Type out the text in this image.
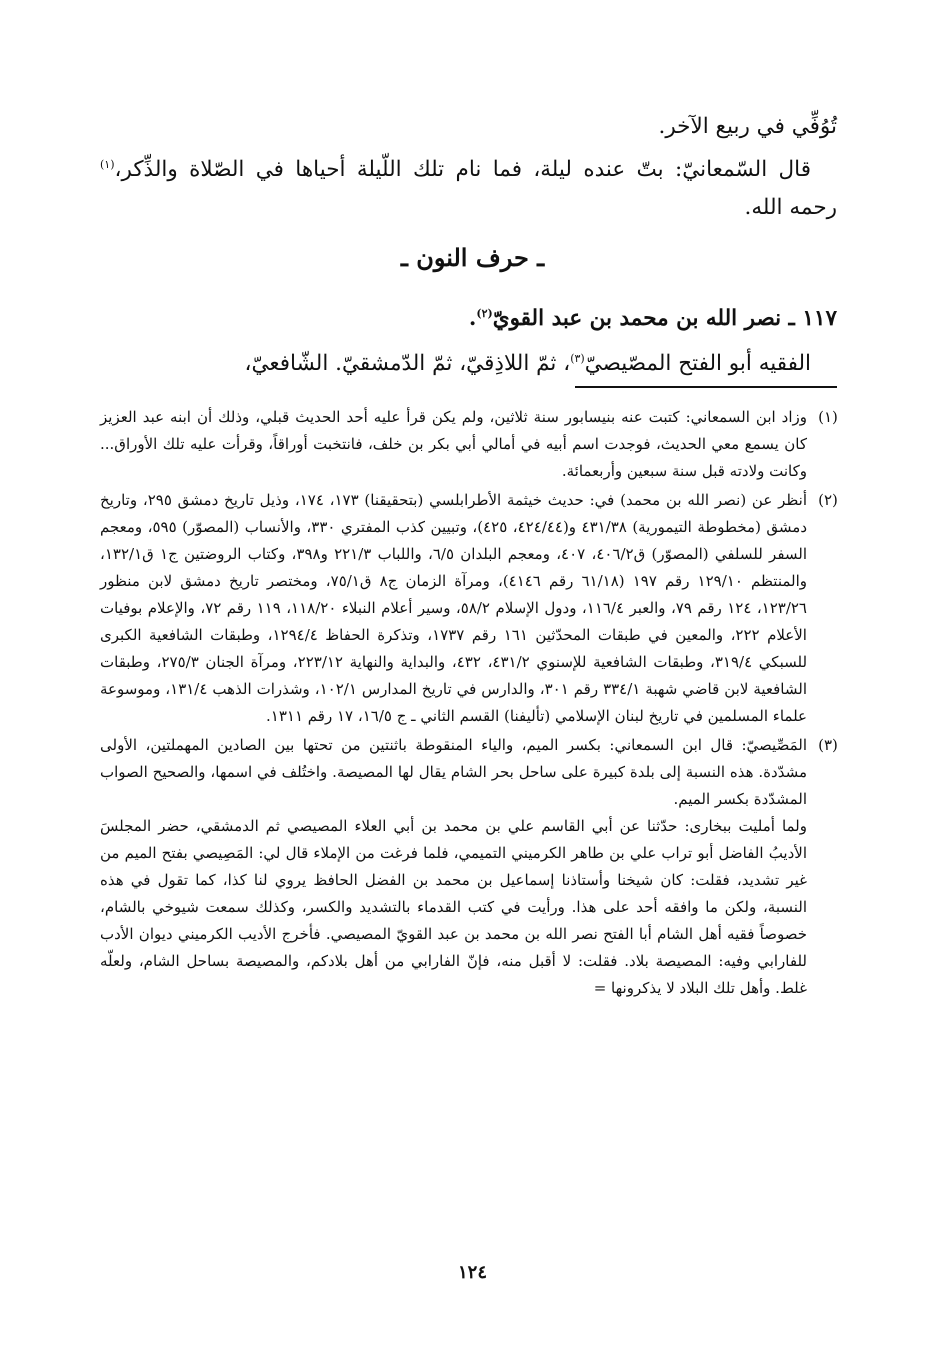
تُوُفِّي في ربيع الآخر.

قال السّمعانيّ: بتّ عنده ليلة، فما نام تلك اللّيلة أحياها في الصّلاة والذِّكر،$^{(١)}$ رحمه الله.

ـ حرف النون ـ

١١٧ ـ نصر الله بن محمد بن عبد القويّ$^{(٢)}$.

الفقيه أبو الفتح المصّيصيّ$^{(٣)}$، ثمّ اللاذِقيّ، ثمّ الدّمشقيّ. الشّافعيّ،

(١)
وزاد ابن السمعاني: كتبت عنه بنيسابور سنة ثلاثين، ولم يكن قرأ عليه أحد الحديث قبلي، وذلك أن ابنه عبد العزيز كان يسمع معي الحديث، فوجدت اسم أبيه في أمالي أبي بكر بن خلف، فانتخبت أوراقاً، وقرأت عليه تلك الأوراق... وكانت ولادته قبل سنة سبعين وأربعمائة.
(٢)
أنظر عن (نصر الله بن محمد) في: حديث خيثمة الأطرابلسي (بتحقيقنا) ١٧٣، ١٧٤، وذيل تاريخ دمشق ٢٩٥، وتاريخ دمشق (مخطوطة التيمورية) ٤٣١/٣٨ و(٤٢٤/٤٤، ٤٢٥)، وتبيين كذب المفتري ٣٣٠، والأنساب (المصوّر) ٥٩٥، ومعجم السفر للسلفي (المصوّر) ق٤٠٦/٢، ٤٠٧، ومعجم البلدان ٦/٥، واللباب ٢٢١/٣ و٣٩٨، وكتاب الروضتين ج١ ق١٣٢/١، والمنتظم ١٢٩/١٠ رقم ١٩٧ (٦١/١٨ رقم ٤١٤٦)، ومرآة الزمان ج٨ ق٧٥/١، ومختصر تاريخ دمشق لابن منظور ١٢٣/٢٦، ١٢٤ رقم ٧٩، والعبر ١١٦/٤، ودول الإسلام ٥٨/٢، وسير أعلام النبلاء ١١٨/٢٠، ١١٩ رقم ٧٢، والإعلام بوفيات الأعلام ٢٢٢، والمعين في طبقات المحدّثين ١٦١ رقم ١٧٣٧، وتذكرة الحفاظ ١٢٩٤/٤، وطبقات الشافعية الكبرى للسبكي ٣١٩/٤، وطبقات الشافعية للإسنوي ٤٣١/٢، ٤٣٢، والبداية والنهاية ٢٢٣/١٢، ومرآة الجنان ٢٧٥/٣، وطبقات الشافعية لابن قاضي شهبة ٣٣٤/١ رقم ٣٠١، والدارس في تاريخ المدارس ١٠٢/١، وشذرات الذهب ١٣١/٤، وموسوعة علماء المسلمين في تاريخ لبنان الإسلامي (تأليفنا) القسم الثاني ـ ج ١٦/٥، ١٧ رقم ١٣١١.
(٣)

المَصِّيصيّ: قال ابن السمعاني: بكسر الميم، والياء المنقوطة باثنتين من تحتها بين الصادين المهملتين، الأولى مشدّدة. هذه النسبة إلى بلدة كبيرة على ساحل بحر الشام يقال لها المصيصة. واختُلف في اسمها، والصحيح الصواب المشدّدة بكسر الميم.

ولما أمليت ببخارى: حدّثنا عن أبي القاسم علي بن محمد بن أبي العلاء المصيصي ثم الدمشقي، حضر المجلسَ الأديبُ الفاضل أبو تراب علي بن طاهر الكرميني التميمي، فلما فرغت من الإملاء قال لي: المَصِيصي بفتح الميم من غير تشديد، فقلت: كان شيخنا وأستاذنا إسماعيل بن محمد بن الفضل الحافظ يروي لنا كذا، كما تقول في هذه النسبة، ولكن ما وافقه أحد على هذا. ورأيت في كتب القدماء بالتشديد والكسر، وكذلك سمعت شيوخي بالشام، خصوصاً فقيه أهل الشام أبا الفتح نصر الله بن محمد بن عبد القويّ المصيصي. فأخرج الأديب الكرميني ديوان الأدب للفارابي وفيه: المصيصة بلاد. فقلت: لا أقبل منه، فإنّ الفارابي من أهل بلادكم، والمصيصة بساحل الشام، ولعلّه غلط. وأهل تلك البلاد لا يذكرونها =

١٢٤
